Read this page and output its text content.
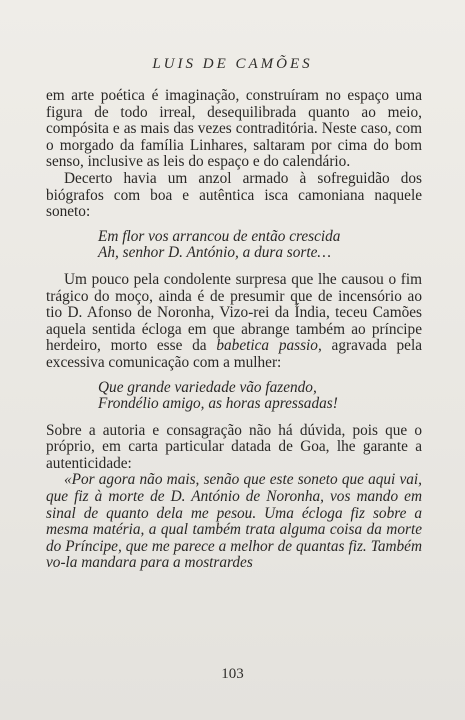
LUIS DE CAMÕES

em arte poética é imaginação, construíram no espaço uma figura de todo irreal, desequilibrada quanto ao meio, compósita e as mais das vezes contraditória. Neste caso, com o morgado da família Linhares, saltaram por cima do bom senso, inclusive as leis do espaço e do calendário.

Decerto havia um anzol armado à sofreguidão dos biógrafos com boa e autêntica isca camoniana naquele soneto:

Em flor vos arrancou de então crescida
Ah, senhor D. António, a dura sorte…

Um pouco pela condolente surpresa que lhe causou o fim trágico do moço, ainda é de presumir que de incensório ao tio D. Afonso de Noronha, Vizo-rei da Índia, teceu Camões aquela sentida écloga em que abrange também ao príncipe herdeiro, morto esse da babetica passio, agravada pela excessiva comunicação com a mulher:

Que grande variedade vão fazendo,
Frondélio amigo, as horas apressadas!

Sobre a autoria e consagração não há dúvida, pois que o próprio, em carta particular datada de Goa, lhe garante a autenticidade:

«Por agora não mais, senão que este soneto que aqui vai, que fiz à morte de D. António de Noronha, vos mando em sinal de quanto dela me pesou. Uma écloga fiz sobre a mesma matéria, a qual também trata alguma coisa da morte do Príncipe, que me parece a melhor de quantas fiz. Também vo-la mandara para a mostrardes

103
